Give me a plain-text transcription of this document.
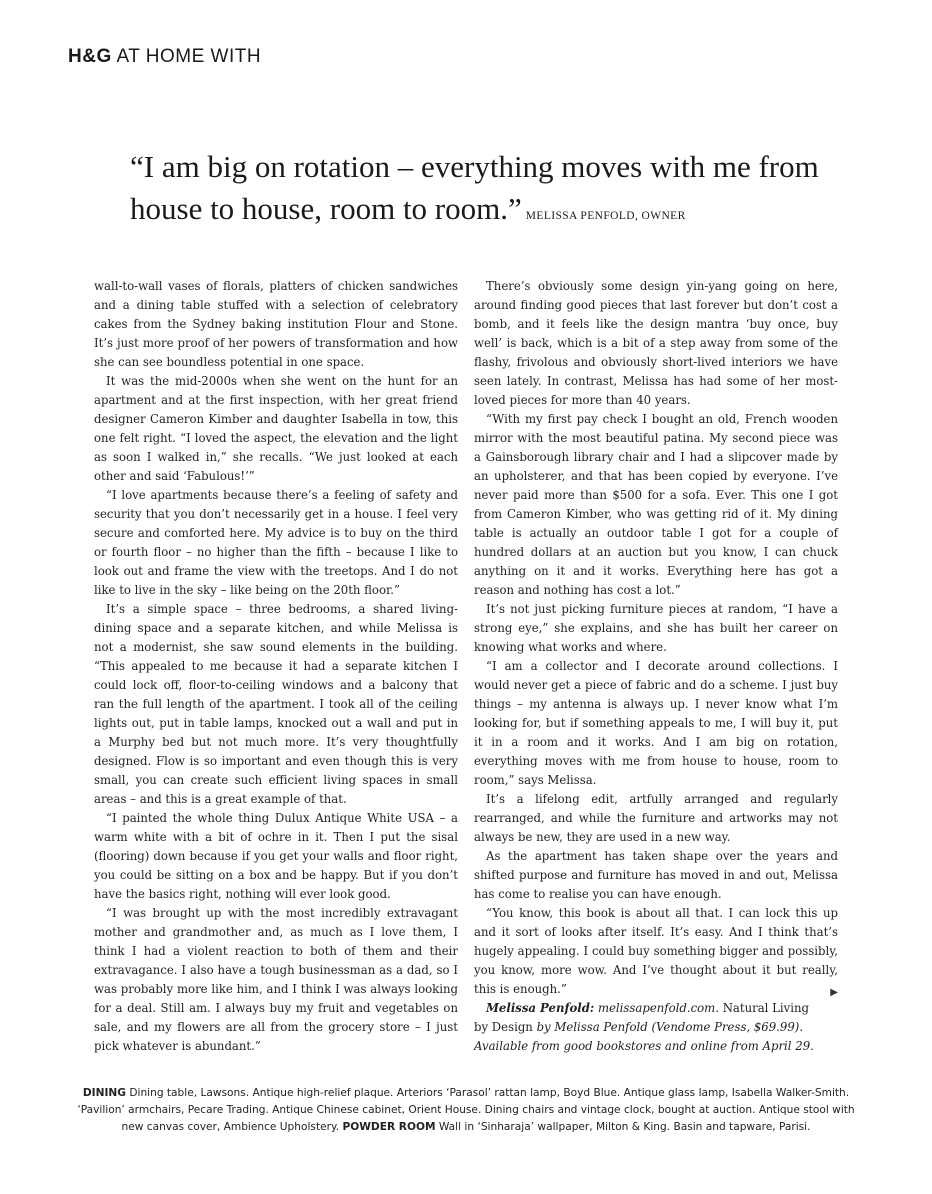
H&G AT HOME WITH
“I am big on rotation – everything moves with me from house to house, room to room.” MELISSA PENFOLD, OWNER

wall-to-wall vases of florals, platters of chicken sandwiches and a dining table stuffed with a selection of celebratory cakes from the Sydney baking institution Flour and Stone. It’s just more proof of her powers of transformation and how she can see boundless potential in one space.

It was the mid-2000s when she went on the hunt for an apartment and at the first inspection, with her great friend designer Cameron Kimber and daughter Isabella in tow, this one felt right. “I loved the aspect, the elevation and the light as soon I walked in,” she recalls. “We just looked at each other and said ‘Fabulous!’”

“I love apartments because there’s a feeling of safety and security that you don’t necessarily get in a house. I feel very secure and comforted here. My advice is to buy on the third or fourth floor – no higher than the fifth – because I like to look out and frame the view with the treetops. And I do not like to live in the sky – like being on the 20th floor.”

It’s a simple space – three bedrooms, a shared living-dining space and a separate kitchen, and while Melissa is not a modernist, she saw sound elements in the building. “This appealed to me because it had a separate kitchen I could lock off, floor-to-ceiling windows and a balcony that ran the full length of the apartment. I took all of the ceiling lights out, put in table lamps, knocked out a wall and put in a Murphy bed but not much more. It’s very thoughtfully designed. Flow is so important and even though this is very small, you can create such efficient living spaces in small areas – and this is a great example of that.

“I painted the whole thing Dulux Antique White USA – a warm white with a bit of ochre in it. Then I put the sisal (flooring) down because if you get your walls and floor right, you could be sitting on a box and be happy. But if you don’t have the basics right, nothing will ever look good.

“I was brought up with the most incredibly extravagant mother and grandmother and, as much as I love them, I think I had a violent reaction to both of them and their extravagance. I also have a tough businessman as a dad, so I was probably more like him, and I think I was always looking for a deal. Still am. I always buy my fruit and vegetables on sale, and my flowers are all from the grocery store – I just pick whatever is abundant.”

There’s obviously some design yin-yang going on here, around finding good pieces that last forever but don’t cost a bomb, and it feels like the design mantra ‘buy once, buy well’ is back, which is a bit of a step away from some of the flashy, frivolous and obviously short-lived interiors we have seen lately. In contrast, Melissa has had some of her most-loved pieces for more than 40 years.

“With my first pay check I bought an old, French wooden mirror with the most beautiful patina. My second piece was a Gainsborough library chair and I had a slipcover made by an upholsterer, and that has been copied by everyone. I’ve never paid more than $500 for a sofa. Ever. This one I got from Cameron Kimber, who was getting rid of it. My dining table is actually an outdoor table I got for a couple of hundred dollars at an auction but you know, I can chuck anything on it and it works. Everything here has got a reason and nothing has cost a lot.”

It’s not just picking furniture pieces at random, “I have a strong eye,” she explains, and she has built her career on knowing what works and where.

“I am a collector and I decorate around collections. I would never get a piece of fabric and do a scheme. I just buy things – my antenna is always up. I never know what I’m looking for, but if something appeals to me, I will buy it, put it in a room and it works. And I am big on rotation, everything moves with me from house to house, room to room,” says Melissa.

It’s a lifelong edit, artfully arranged and regularly rearranged, and while the furniture and artworks may not always be new, they are used in a new way.

As the apartment has taken shape over the years and shifted purpose and furniture has moved in and out, Melissa has come to realise you can have enough.

“You know, this book is about all that. I can lock this up and it sort of looks after itself. It’s easy. And I think that’s hugely appealing. I could buy something bigger and possibly, you know, more wow. And I’ve thought about it but really, this is enough.”	▶

Melissa Penfold: melissapenfold.com. Natural Living by Design by Melissa Penfold (Vendome Press, $69.99). Available from good bookstores and online from April 29.

DINING Dining table, Lawsons. Antique high-relief plaque. Arteriors ‘Parasol’ rattan lamp, Boyd Blue. Antique glass lamp, Isabella Walker-Smith. ‘Pavilion’ armchairs, Pecare Trading. Antique Chinese cabinet, Orient House. Dining chairs and vintage clock, bought at auction. Antique stool with new canvas cover, Ambience Upholstery. POWDER ROOM Wall in ‘Sinharaja’ wallpaper, Milton & King. Basin and tapware, Parisi.
